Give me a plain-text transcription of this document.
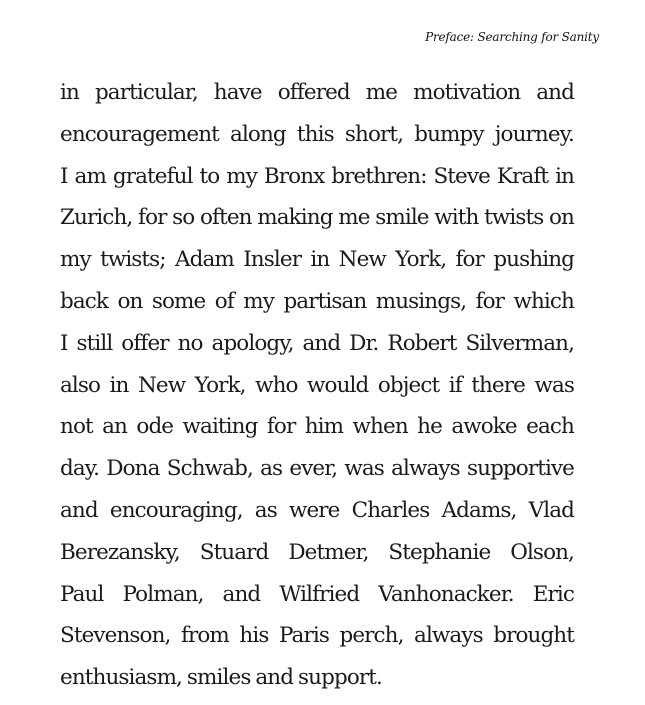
Preface: Searching for Sanity
in particular, have offered me motivation and
encouragement along this short, bumpy journey.
I am grateful to my Bronx brethren: Steve Kraft in
Zurich, for so often making me smile with twists on
my twists; Adam Insler in New York, for pushing
back on some of my partisan musings, for which
I still offer no apology, and Dr. Robert Silverman,
also in New York, who would object if there was
not an ode waiting for him when he awoke each
day. Dona Schwab, as ever, was always supportive
and encouraging, as were Charles Adams, Vlad
Berezansky, Stuard Detmer, Stephanie Olson,
Paul Polman, and Wilfried Vanhonacker. Eric
Stevenson, from his Paris perch, always brought
enthusiasm, smiles and support.
